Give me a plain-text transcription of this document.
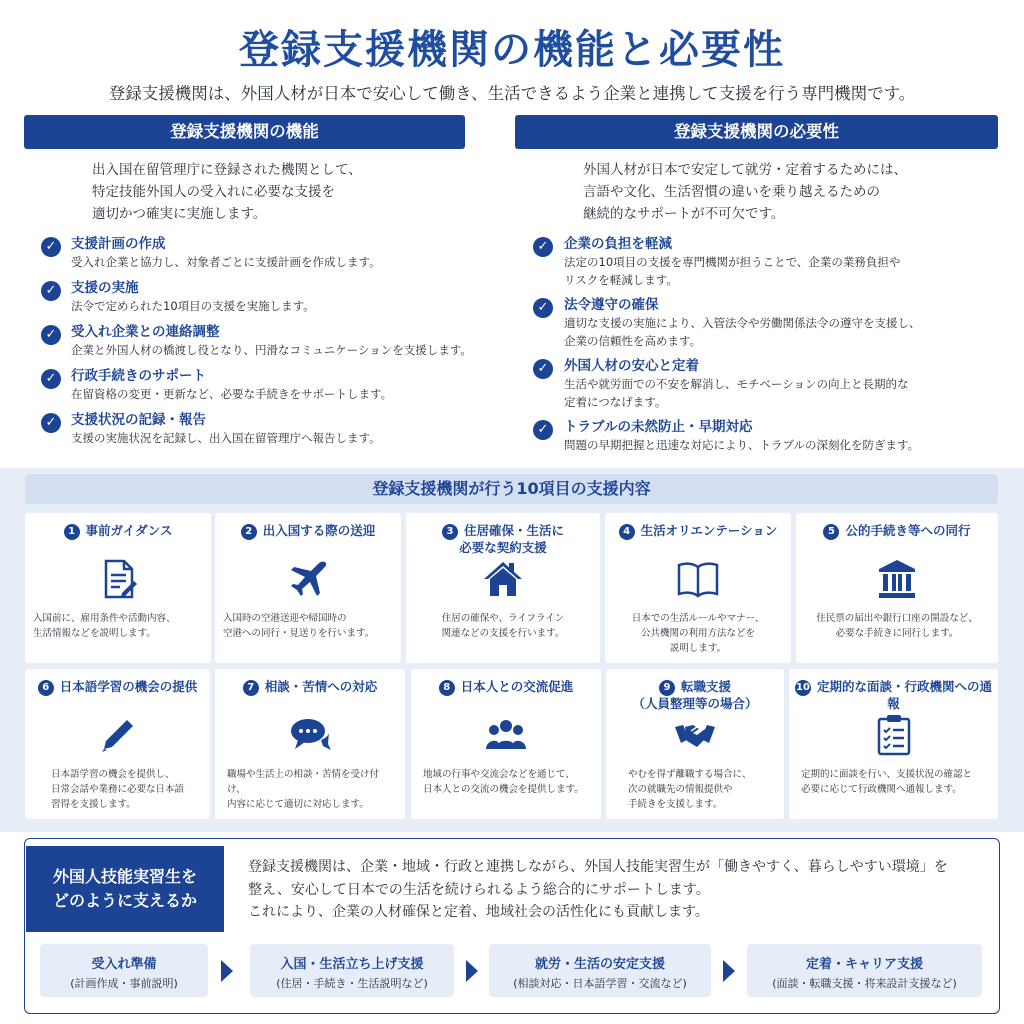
登録支援機関の機能と必要性
登録支援機関は、外国人材が日本で安心して働き、生活できるよう企業と連携して支援を行う専門機関です。
登録支援機関の機能
出入国在留管理庁に登録された機関として、
特定技能外国人の受入れに必要な支援を
適切かつ確実に実施します。
✓	支援計画の作成
受入れ企業と協力し、対象者ごとに支援計画を作成します。
✓	支援の実施
法令で定められた10項目の支援を実施します。
✓	受入れ企業との連絡調整
企業と外国人材の橋渡し役となり、円滑なコミュニケーションを支援します。
✓	行政手続きのサポート
在留資格の変更・更新など、必要な手続きをサポートします。
✓	支援状況の記録・報告
支援の実施状況を記録し、出入国在留管理庁へ報告します。
登録支援機関の必要性
外国人材が日本で安定して就労・定着するためには、
言語や文化、生活習慣の違いを乗り越えるための
継続的なサポートが不可欠です。
✓	企業の負担を軽減
法定の10項目の支援を専門機関が担うことで、企業の業務負担や
リスクを軽減します。
✓	法令遵守の確保
適切な支援の実施により、入管法令や労働関係法令の遵守を支援し、
企業の信頼性を高めます。
✓	外国人材の安心と定着
生活や就労面での不安を解消し、モチベーションの向上と長期的な
定着につなげます。
✓	トラブルの未然防止・早期対応
問題の早期把握と迅速な対応により、トラブルの深刻化を防ぎます。
登録支援機関が行う10項目の支援内容
1 事前ガイダンス
入国前に、雇用条件や活動内容、
生活情報などを説明します。
2 出入国する際の送迎
入国時の空港送迎や帰国時の
空港への同行・見送りを行います。
3 住居確保・生活に
必要な契約支援
住居の確保や、ライフライン
関連などの支援を行います。
4 生活オリエンテーション
日本での生活ルールやマナー、
公共機関の利用方法などを
説明します。
5 公的手続き等への同行
住民票の届出や銀行口座の開設など、
必要な手続きに同行します。
6 日本語学習の機会の提供
日本語学習の機会を提供し、
日常会話や業務に必要な日本語
習得を支援します。
7 相談・苦情への対応
職場や生活上の相談・苦情を受け付け、
内容に応じて適切に対応します。
8 日本人との交流促進
地域の行事や交流会などを通じて、
日本人との交流の機会を提供します。
9 転職支援
（人員整理等の場合）
やむを得ず離職する場合に、
次の就職先の情報提供や
手続きを支援します。
10 定期的な面談・行政機関への通報
定期的に面談を行い、支援状況の確認と
必要に応じて行政機関へ通報します。
外国人技能実習生を
どのように支えるか
登録支援機関は、企業・地域・行政と連携しながら、外国人技能実習生が「働きやすく、暮らしやすい環境」を
整え、安心して日本での生活を続けられるよう総合的にサポートします。
これにより、企業の人材確保と定着、地域社会の活性化にも貢献します。
受入れ準備
(計画作成・事前説明)
入国・生活立ち上げ支援
(住居・手続き・生活説明など)
就労・生活の安定支援
(相談対応・日本語学習・交流など)
定着・キャリア支援
(面談・転職支援・将来設計支援など)
